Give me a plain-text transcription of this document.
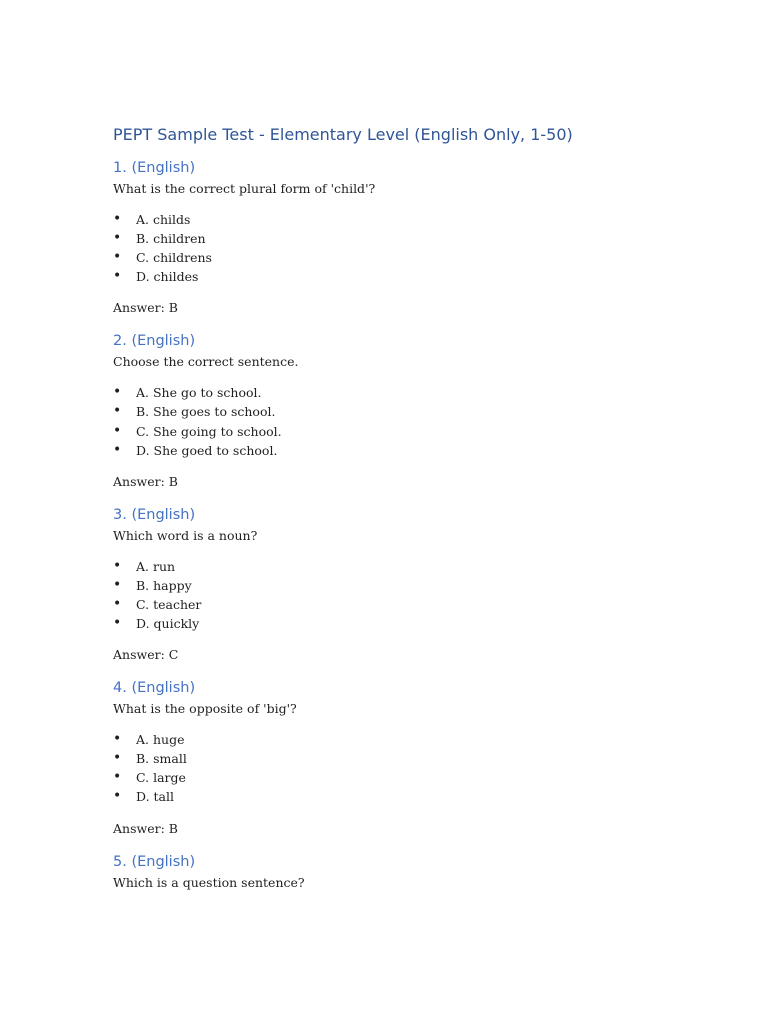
PEPT Sample Test - Elementary Level (English Only, 1-50)
1. (English)

What is the correct plural form of 'child'?

• A. childs
• B. children
• C. childrens
• D. childes

Answer: B

2. (English)

Choose the correct sentence.

• A. She go to school.
• B. She goes to school.
• C. She going to school.
• D. She goed to school.

Answer: B

3. (English)

Which word is a noun?

• A. run
• B. happy
• C. teacher
• D. quickly

Answer: C

4. (English)

What is the opposite of 'big'?

• A. huge
• B. small
• C. large
• D. tall

Answer: B

5. (English)

Which is a question sentence?
